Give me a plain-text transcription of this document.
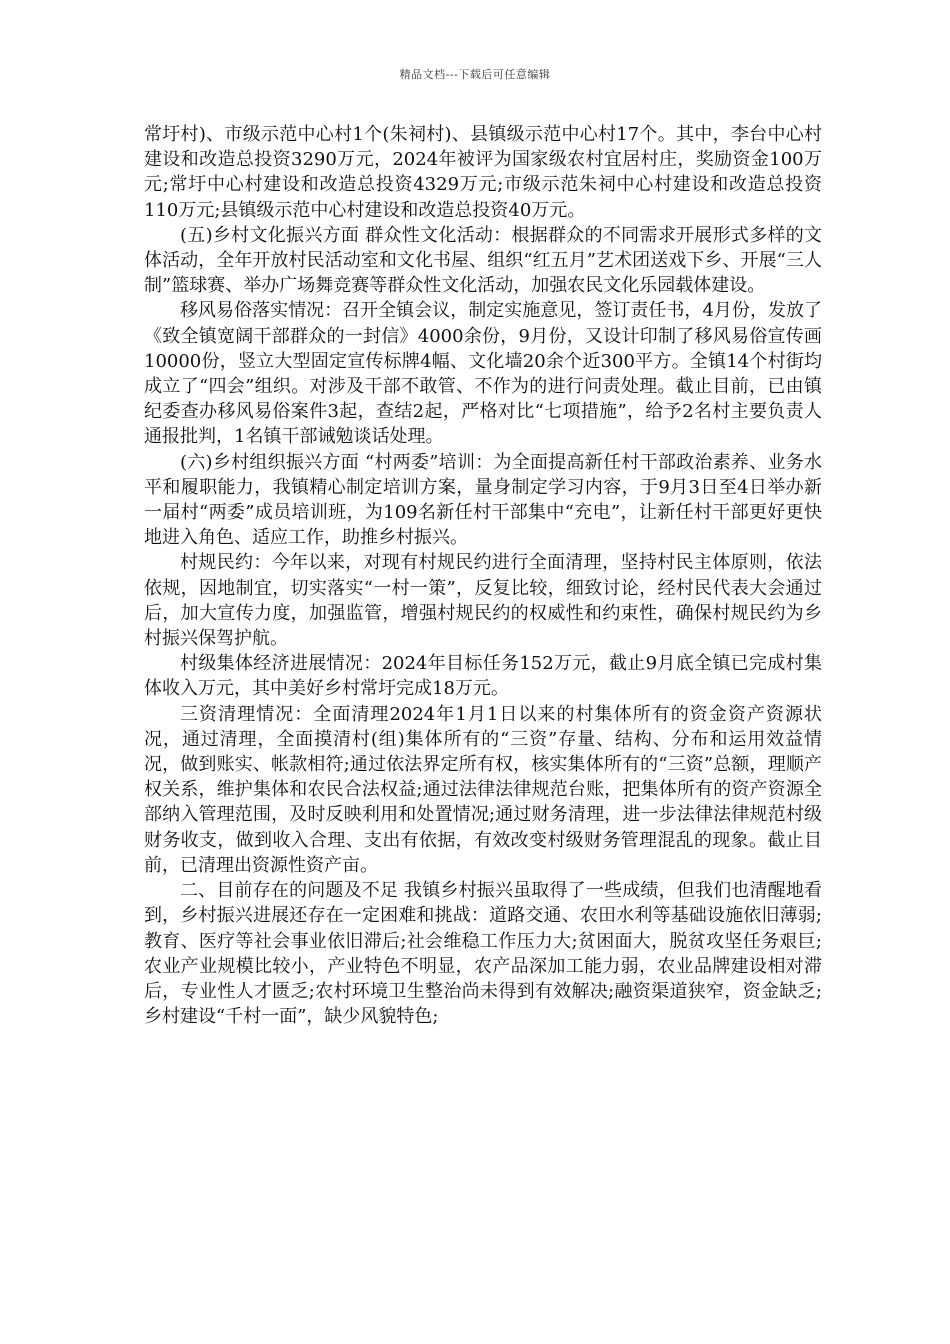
精品文档---下载后可任意编辑

常圩村)、市级示范中心村1个(朱祠村)、县镇级示范中心村17个。其中，李台中心村建设和改造总投资3290万元，2024年被评为国家级农村宜居村庄，奖励资金100万元;常圩中心村建设和改造总投资4329万元;市级示范朱祠中心村建设和改造总投资110万元;县镇级示范中心村建设和改造总投资40万元。

(五)乡村文化振兴方面 群众性文化活动：根据群众的不同需求开展形式多样的文体活动，全年开放村民活动室和文化书屋、组织“红五月”艺术团送戏下乡、开展“三人制”篮球赛、举办广场舞竞赛等群众性文化活动，加强农民文化乐园载体建设。

移风易俗落实情况：召开全镇会议，制定实施意见，签订责任书，4月份，发放了《致全镇宽阔干部群众的一封信》4000余份，9月份，又设计印制了移风易俗宣传画10000份，竖立大型固定宣传标牌4幅、文化墙20余个近300平方。全镇14个村街均成立了“四会”组织。对涉及干部不敢管、不作为的进行问责处理。截止目前，已由镇纪委查办移风易俗案件3起，查结2起，严格对比“七项措施”，给予2名村主要负责人通报批判，1名镇干部诫勉谈话处理。

(六)乡村组织振兴方面 “村两委”培训：为全面提高新任村干部政治素养、业务水平和履职能力，我镇精心制定培训方案，量身制定学习内容，于9月3日至4日举办新一届村“两委”成员培训班，为109名新任村干部集中“充电”，让新任村干部更好更快地进入角色、适应工作，助推乡村振兴。

村规民约：今年以来，对现有村规民约进行全面清理，坚持村民主体原则，依法依规，因地制宜，切实落实“一村一策”，反复比较，细致讨论，经村民代表大会通过后，加大宣传力度，加强监管，增强村规民约的权威性和约束性，确保村规民约为乡村振兴保驾护航。

村级集体经济进展情况：2024年目标任务152万元，截止9月底全镇已完成村集体收入万元，其中美好乡村常圩完成18万元。

三资清理情况：全面清理2024年1月1日以来的村集体所有的资金资产资源状况，通过清理，全面摸清村(组)集体所有的“三资”存量、结构、分布和运用效益情况，做到账实、帐款相符;通过依法界定所有权，核实集体所有的“三资”总额，理顺产权关系，维护集体和农民合法权益;通过法律法律规范台账，把集体所有的资产资源全部纳入管理范围，及时反映利用和处置情况;通过财务清理，进一步法律法律规范村级财务收支，做到收入合理、支出有依据，有效改变村级财务管理混乱的现象。截止目前，已清理出资源性资产亩。

二、目前存在的问题及不足 我镇乡村振兴虽取得了一些成绩，但我们也清醒地看到，乡村振兴进展还存在一定困难和挑战：道路交通、农田水利等基础设施依旧薄弱;教育、医疗等社会事业依旧滞后;社会维稳工作压力大;贫困面大，脱贫攻坚任务艰巨;农业产业规模比较小，产业特色不明显，农产品深加工能力弱，农业品牌建设相对滞后，专业性人才匮乏;农村环境卫生整治尚未得到有效解决;融资渠道狭窄，资金缺乏;乡村建设“千村一面”，缺少风貌特色;
